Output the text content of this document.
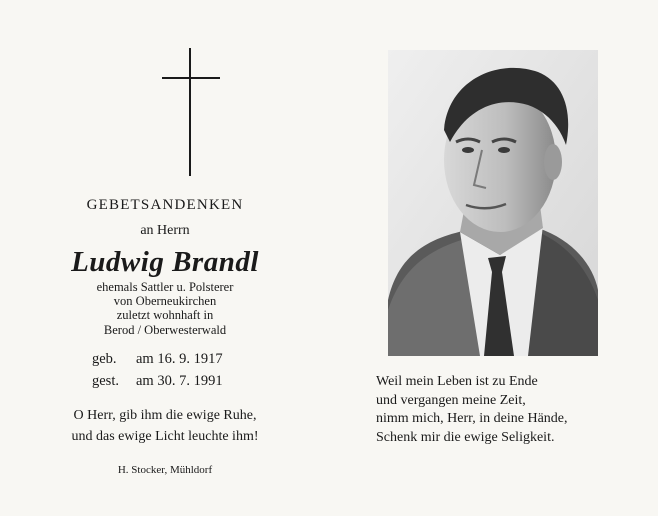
GEBETSANDENKEN
an Herrn
Ludwig Brandl
ehemals Sattler u. Polsterer
von Oberneukirchen
zuletzt wohnhaft in
Berod / Oberwesterwald
geb. am 16. 9. 1917
gest. am 30. 7. 1991
O Herr, gib ihm die ewige Ruhe,
und das ewige Licht leuchte ihm!
H. Stocker, Mühldorf
Weil mein Leben ist zu Ende
und vergangen meine Zeit,
nimm mich, Herr, in deine Hände,
Schenk mir die ewige Seligkeit.
